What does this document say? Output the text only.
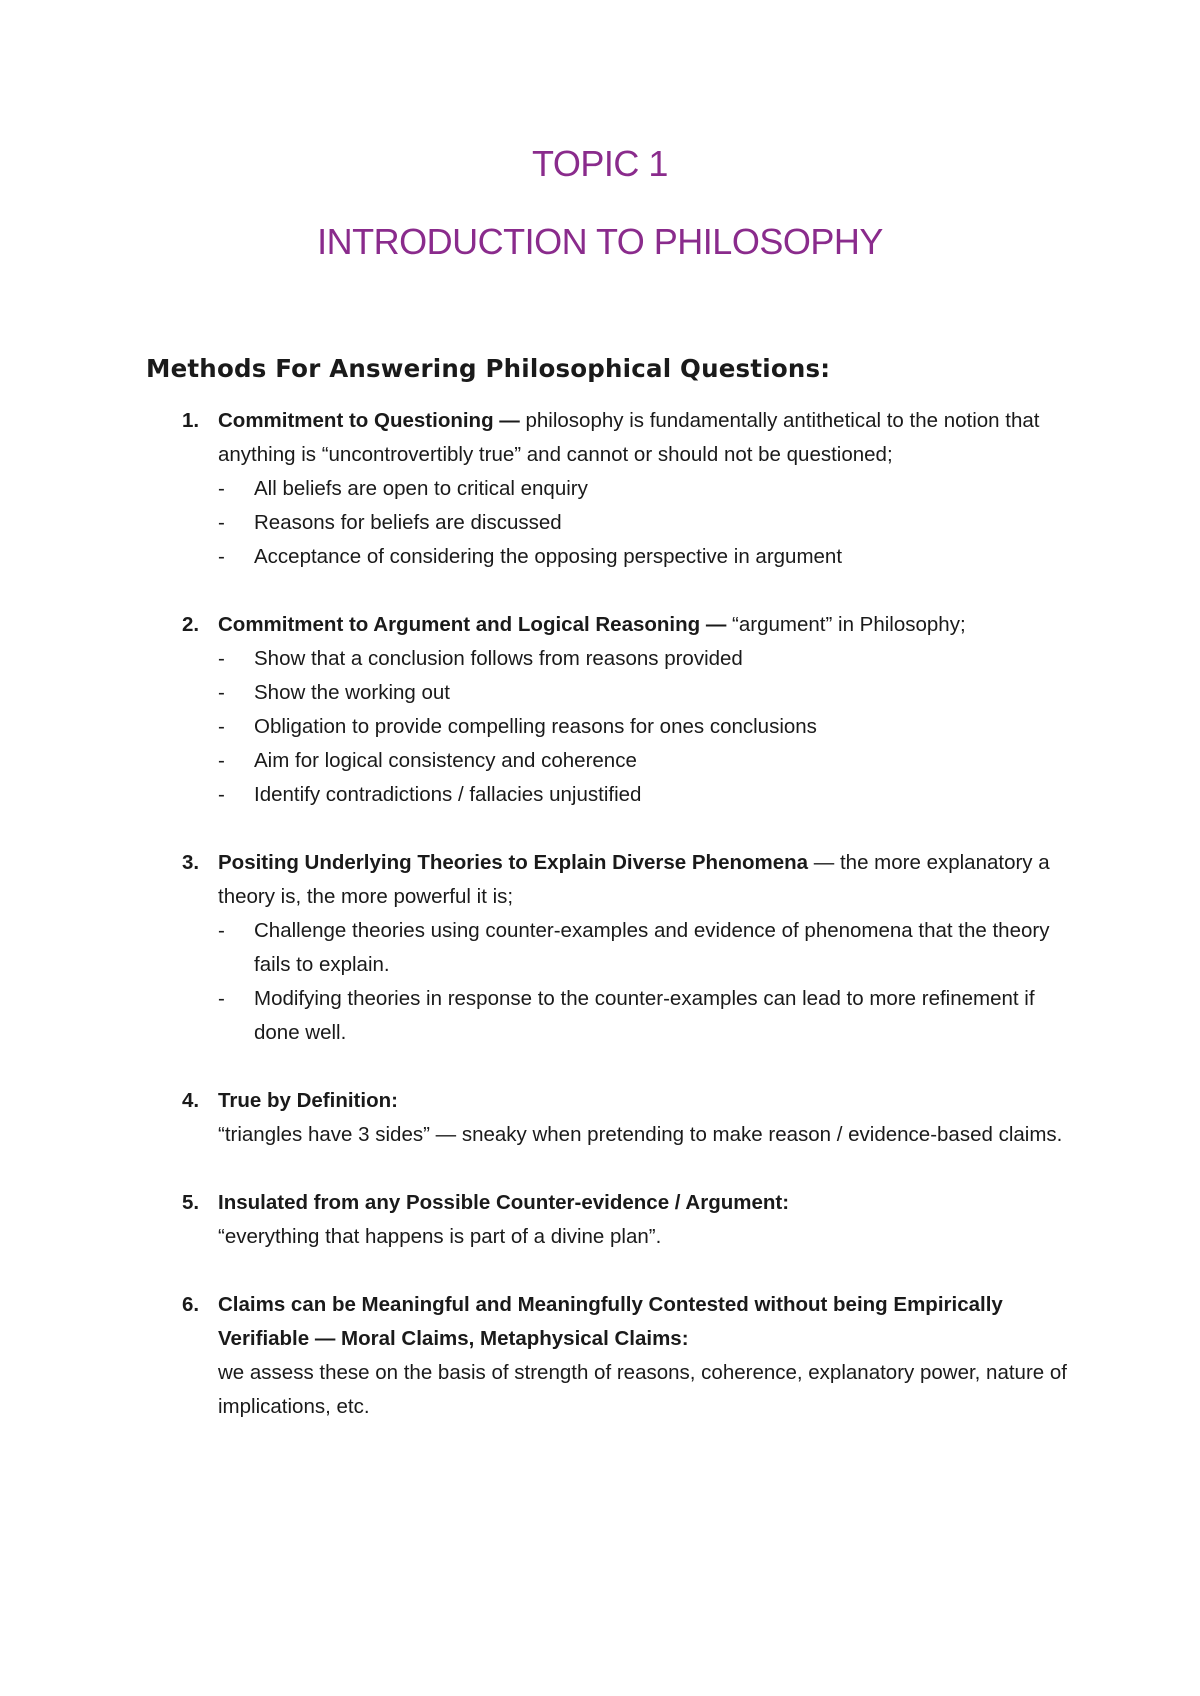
TOPIC 1

INTRODUCTION TO PHILOSOPHY

Methods For Answering Philosophical Questions:
1. Commitment to Questioning — philosophy is fundamentally antithetical to the notion that anything is “uncontrovertibly true” and cannot or should not be questioned;
- All beliefs are open to critical enquiry
- Reasons for beliefs are discussed
- Acceptance of considering the opposing perspective in argument
2. Commitment to Argument and Logical Reasoning — “argument” in Philosophy;
- Show that a conclusion follows from reasons provided
- Show the working out
- Obligation to provide compelling reasons for ones conclusions
- Aim for logical consistency and coherence
- Identify contradictions / fallacies unjustified
3. Positing Underlying Theories to Explain Diverse Phenomena — the more explanatory a theory is, the more powerful it is;
- Challenge theories using counter-examples and evidence of phenomena that the theory fails to explain.
- Modifying theories in response to the counter-examples can lead to more refinement if done well.
4. True by Definition:
“triangles have 3 sides” — sneaky when pretending to make reason / evidence-based claims.
5. Insulated from any Possible Counter-evidence / Argument:
“everything that happens is part of a divine plan”.
6. Claims can be Meaningful and Meaningfully Contested without being Empirically Verifiable — Moral Claims, Metaphysical Claims:
we assess these on the basis of strength of reasons, coherence, explanatory power, nature of implications, etc.
